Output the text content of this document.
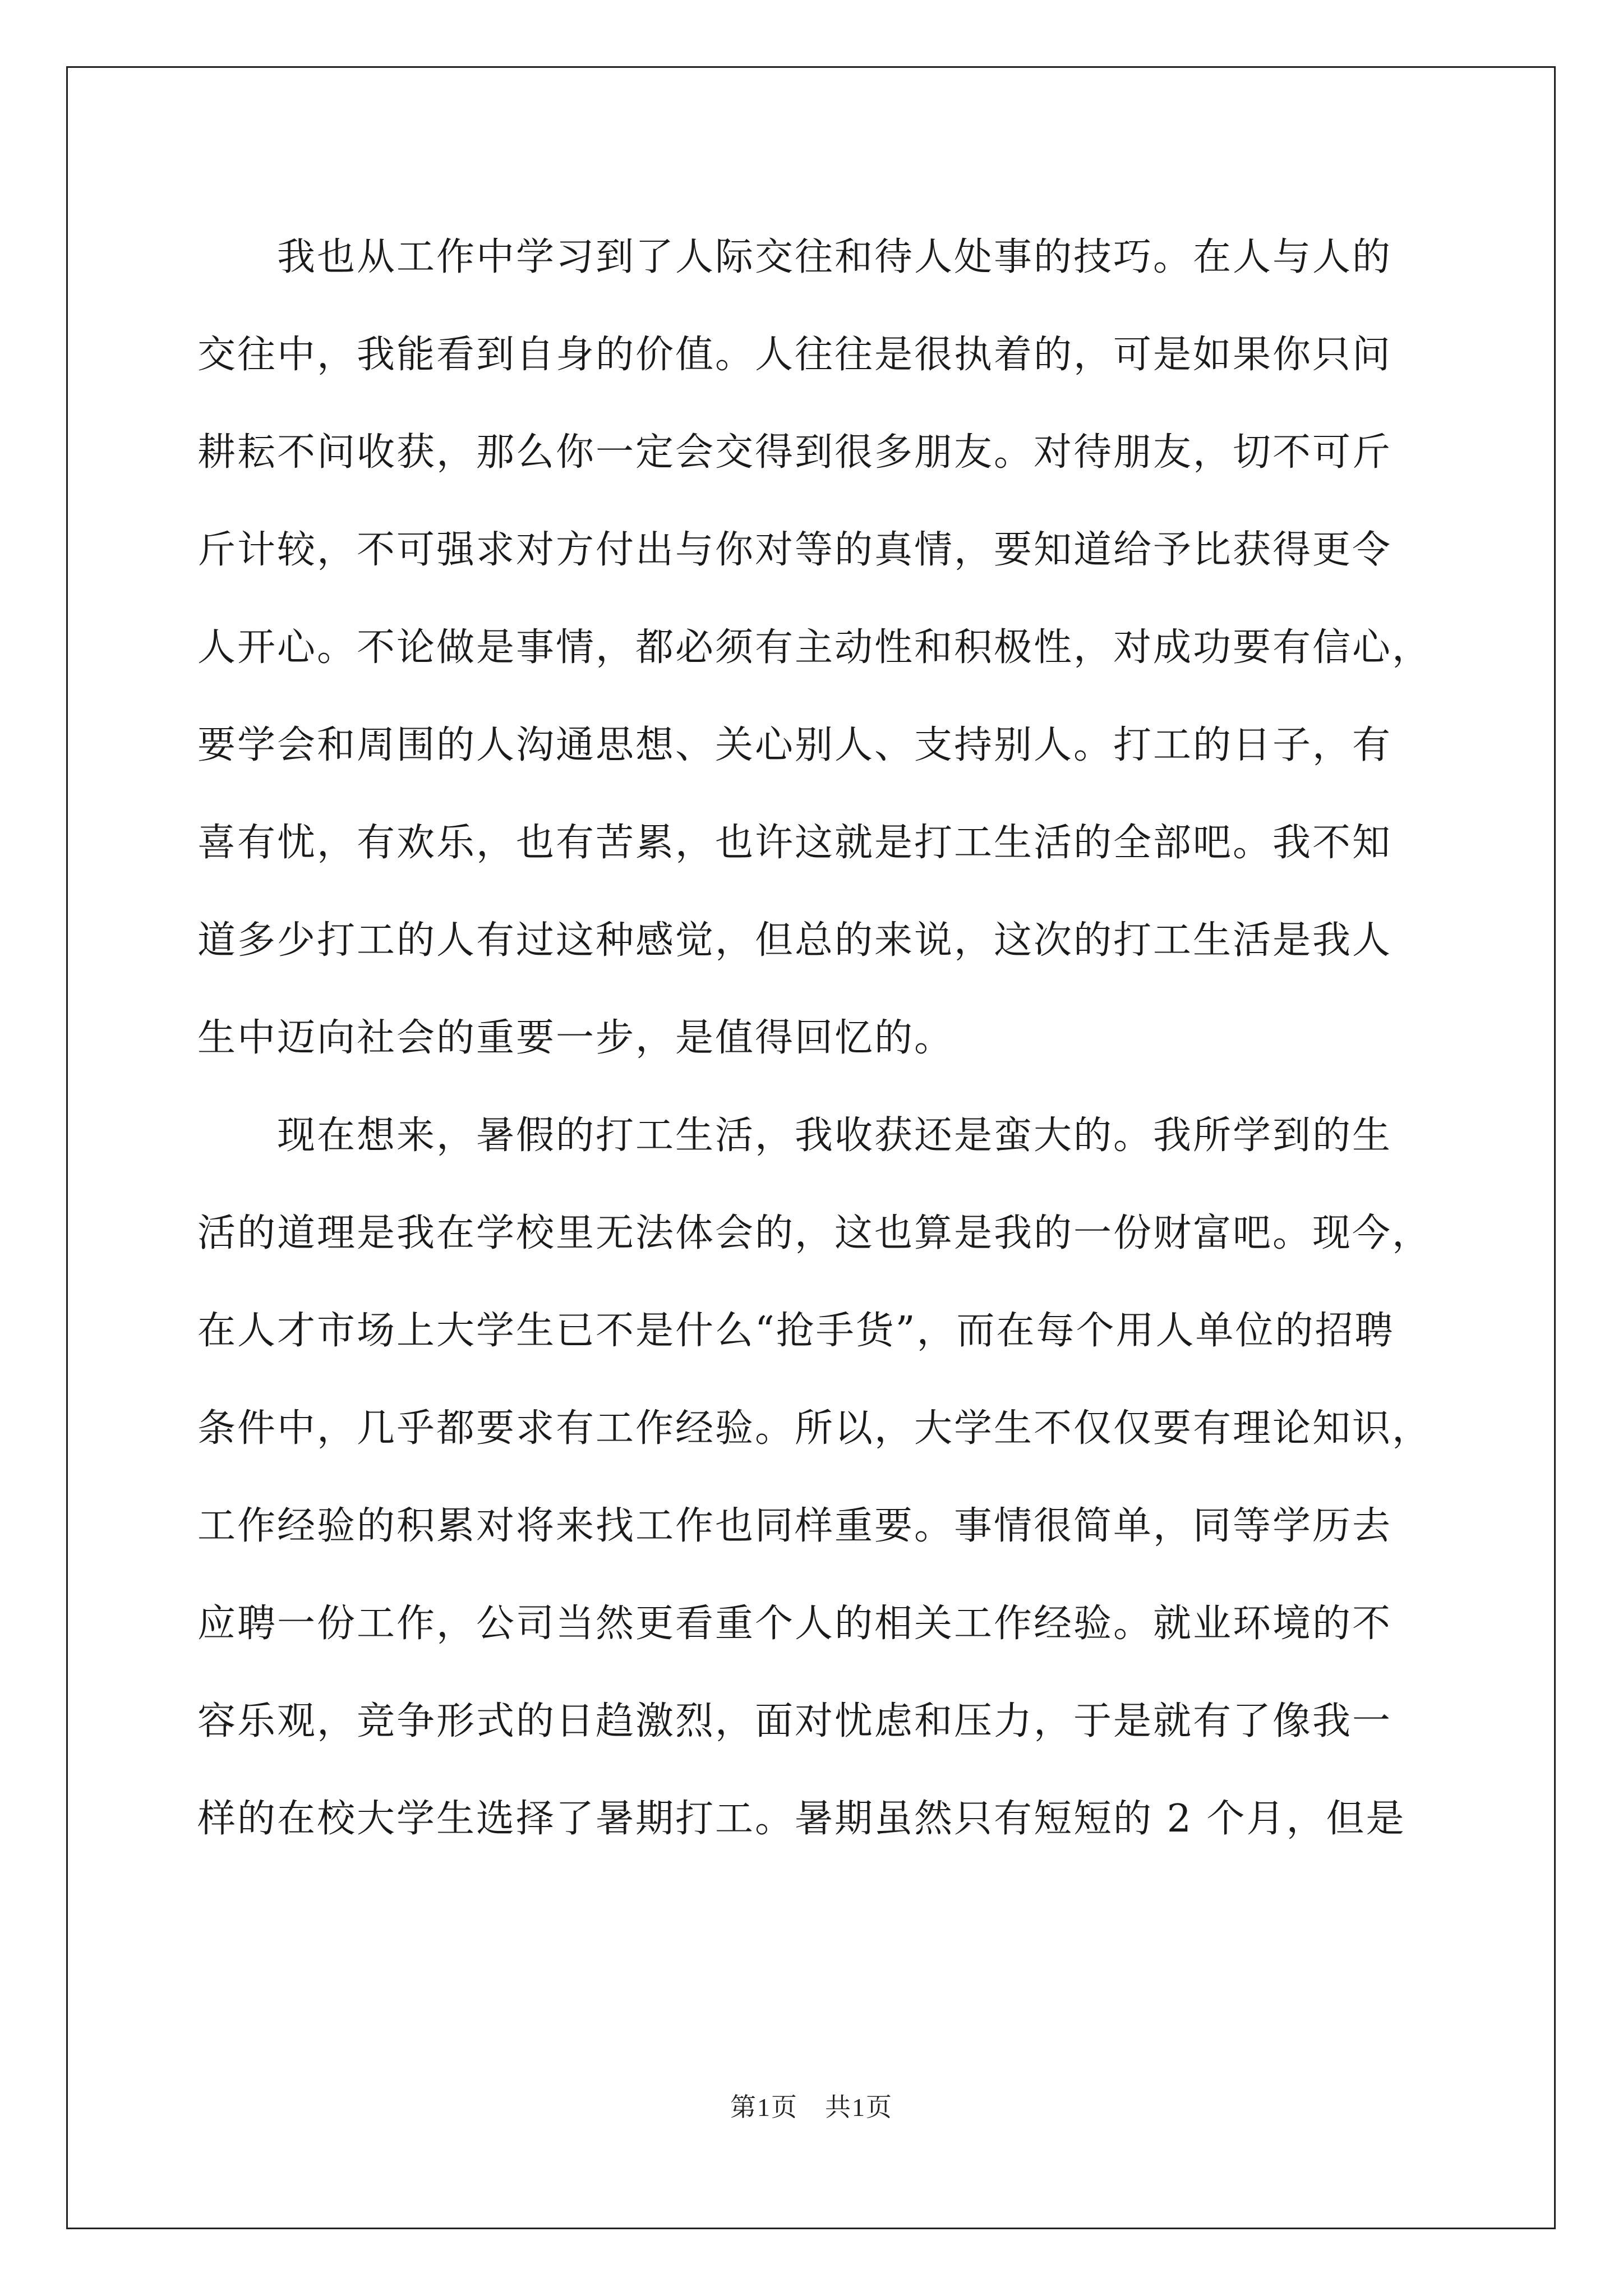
　　我也从工作中学习到了人际交往和待人处事的技巧。在人与人的
交往中，我能看到自身的价值。人往往是很执着的，可是如果你只问
耕耘不问收获，那么你一定会交得到很多朋友。对待朋友，切不可斤
斤计较，不可强求对方付出与你对等的真情，要知道给予比获得更令
人开心。不论做是事情，都必须有主动性和积极性，对成功要有信心，
要学会和周围的人沟通思想、关心别人、支持别人。打工的日子，有
喜有忧，有欢乐，也有苦累，也许这就是打工生活的全部吧。我不知
道多少打工的人有过这种感觉，但总的来说，这次的打工生活是我人
生中迈向社会的重要一步，是值得回忆的。
　　现在想来，暑假的打工生活，我收获还是蛮大的。我所学到的生
活的道理是我在学校里无法体会的，这也算是我的一份财富吧。现今，
在人才市场上大学生已不是什么“抢手货”，而在每个用人单位的招聘
条件中，几乎都要求有工作经验。所以，大学生不仅仅要有理论知识，
工作经验的积累对将来找工作也同样重要。事情很简单，同等学历去
应聘一份工作，公司当然更看重个人的相关工作经验。就业环境的不
容乐观，竞争形式的日趋激烈，面对忧虑和压力，于是就有了像我一
样的在校大学生选择了暑期打工。暑期虽然只有短短的 2 个月，但是
第1页　共1页
